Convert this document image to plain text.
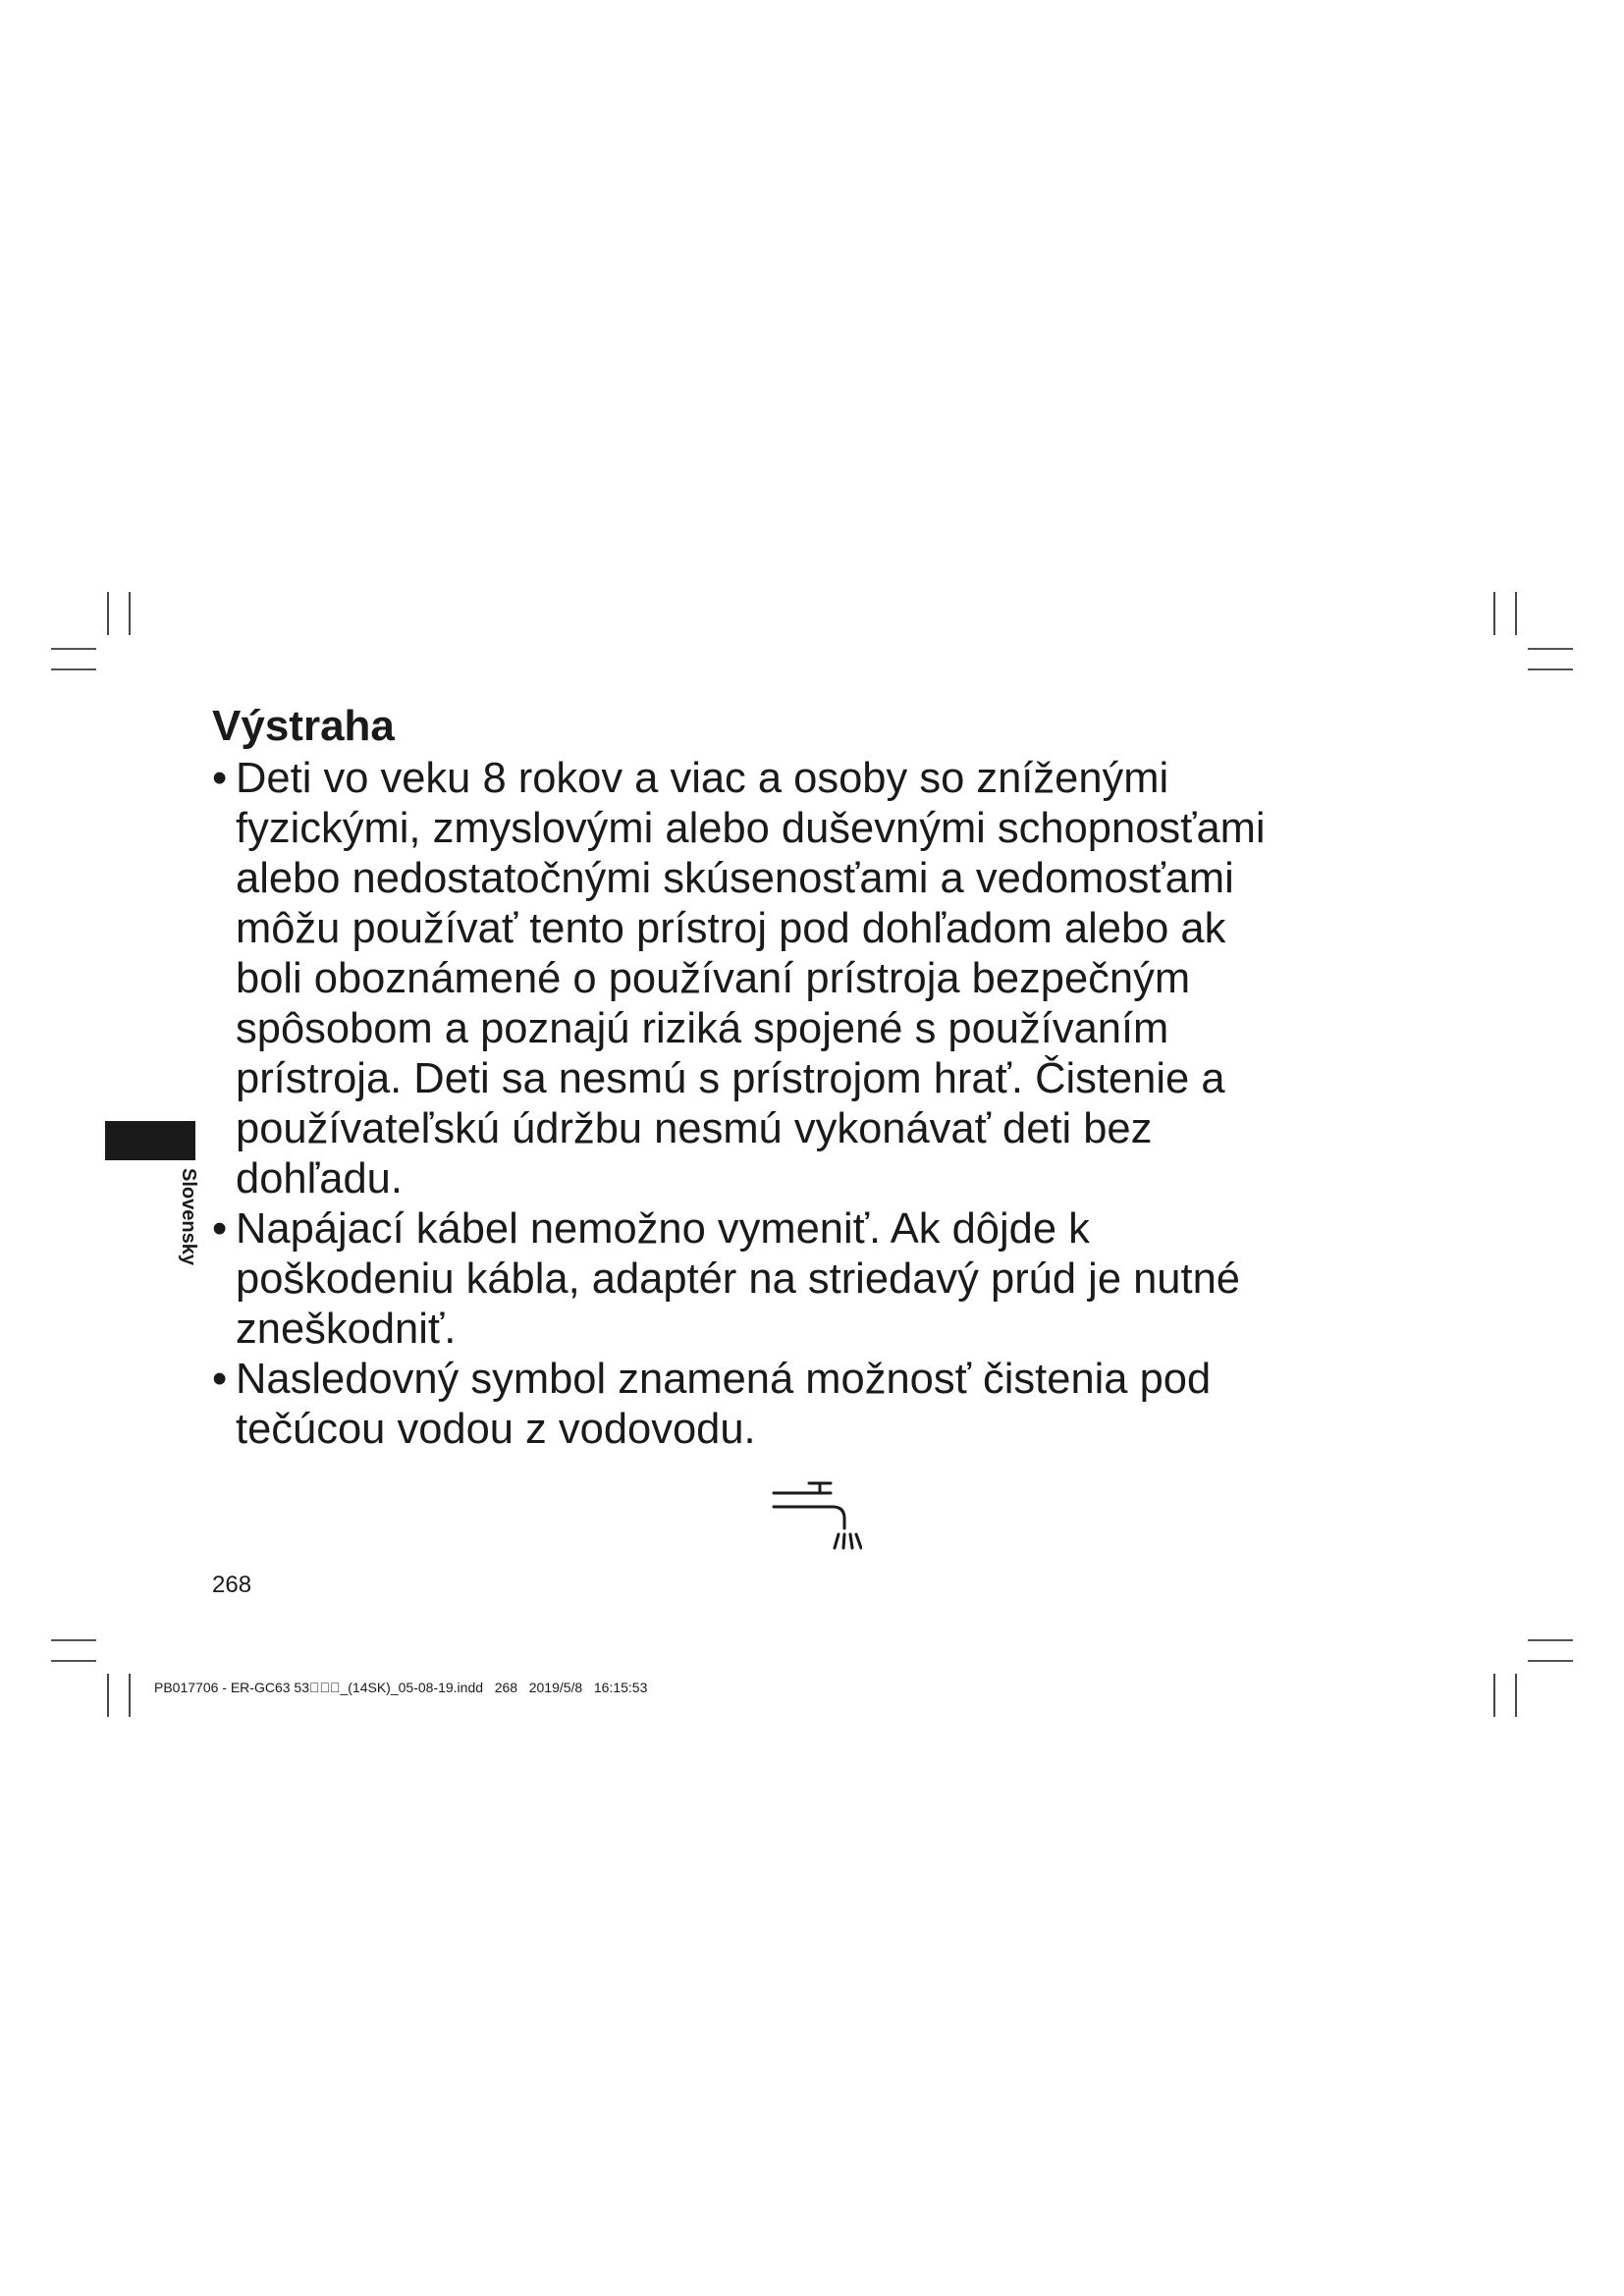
Slovensky
Výstraha
• Deti vo veku 8 rokov a viac a osoby so zníženými
fyzickými, zmyslovými alebo duševnými schopnosťami
alebo nedostatočnými skúsenosťami a vedomosťami
môžu používať tento prístroj pod dohľadom alebo ak
boli oboznámené o používaní prístroja bezpečným
spôsobom a poznajú riziká spojené s používaním
prístroja. Deti sa nesmú s prístrojom hrať. Čistenie a
používateľskú údržbu nesmú vykonávať deti bez
dohľadu.
• Napájací kábel nemožno vymeniť. Ak dôjde k
poškodeniu kábla, adaptér na striedavý prúd je nutné
zneškodniť.
• Nasledovný symbol znamená možnosť čistenia pod
tečúcou vodou z vodovodu.
268
PB017706 - ER-GC63 53   _(14SK)_05-08-19.indd   268   2019/5/8   16:15:53
